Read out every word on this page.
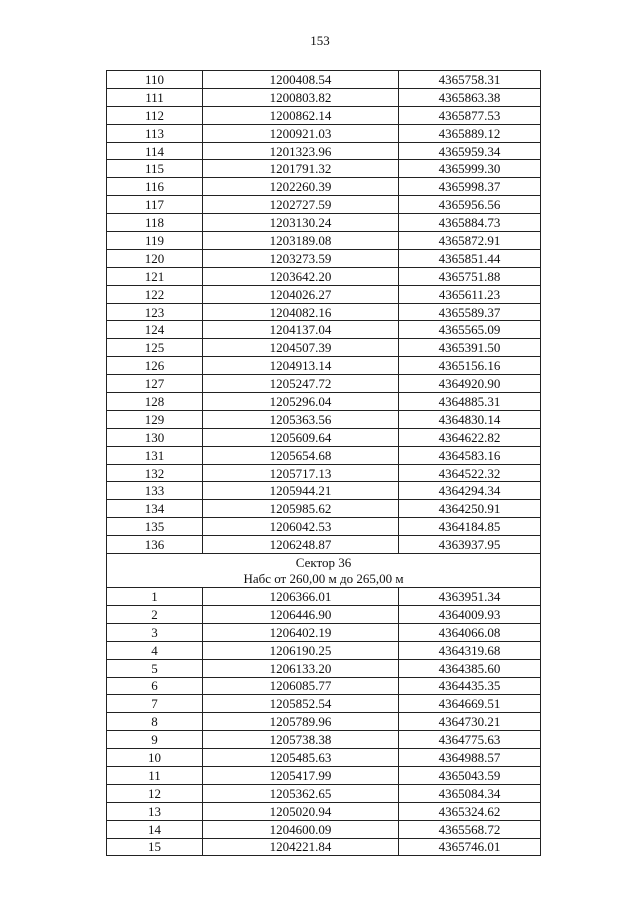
153
110	1200408.54	4365758.31
111	1200803.82	4365863.38
112	1200862.14	4365877.53
113	1200921.03	4365889.12
114	1201323.96	4365959.34
115	1201791.32	4365999.30
116	1202260.39	4365998.37
117	1202727.59	4365956.56
118	1203130.24	4365884.73
119	1203189.08	4365872.91
120	1203273.59	4365851.44
121	1203642.20	4365751.88
122	1204026.27	4365611.23
123	1204082.16	4365589.37
124	1204137.04	4365565.09
125	1204507.39	4365391.50
126	1204913.14	4365156.16
127	1205247.72	4364920.90
128	1205296.04	4364885.31
129	1205363.56	4364830.14
130	1205609.64	4364622.82
131	1205654.68	4364583.16
132	1205717.13	4364522.32
133	1205944.21	4364294.34
134	1205985.62	4364250.91
135	1206042.53	4364184.85
136	1206248.87	4363937.95

Сектор 36
Набс от 260,00 м до 265,00 м		

1	1206366.01	4363951.34
2	1206446.90	4364009.93
3	1206402.19	4364066.08
4	1206190.25	4364319.68
5	1206133.20	4364385.60
6	1206085.77	4364435.35
7	1205852.54	4364669.51
8	1205789.96	4364730.21
9	1205738.38	4364775.63
10	1205485.63	4364988.57
11	1205417.99	4365043.59
12	1205362.65	4365084.34
13	1205020.94	4365324.62
14	1204600.09	4365568.72
15	1204221.84	4365746.01
